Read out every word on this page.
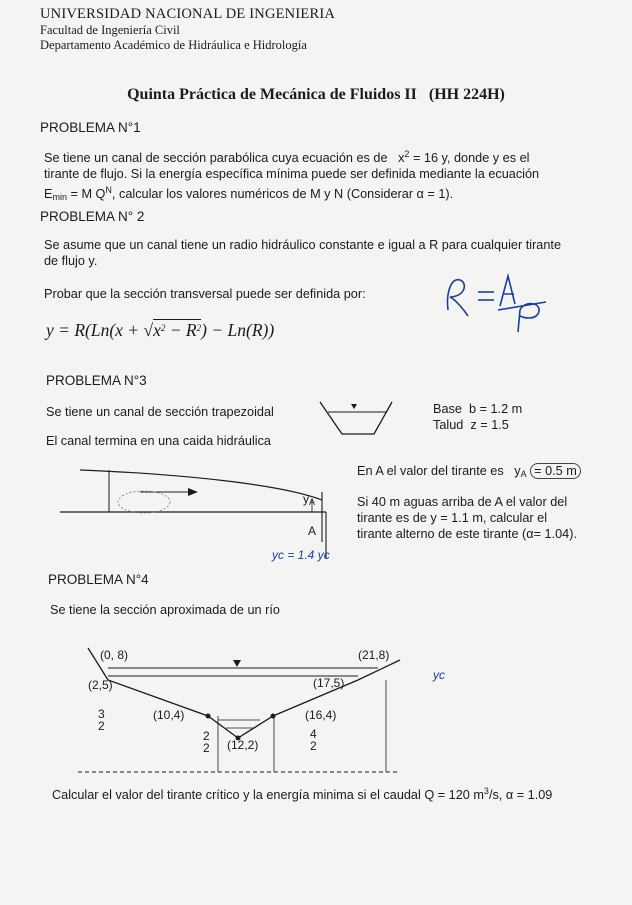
UNIVERSIDAD NACIONAL DE INGENIERIA
Facultad de Ingeniería Civil
Departamento Académico de Hidráulica e Hidrología
Quinta Práctica de Mecánica de Fluidos II (HH 224H)
PROBLEMA N°1
Se tiene un canal de sección parabólica cuya ecuación es de $x^2 = 16$ y, donde y es el
tirante de flujo. Si la energía específica mínima puede ser definida mediante la ecuación
$E_{min} = M$ $Q^N$, calcular los valores numéricos de M y N (Considerar α = 1).
PROBLEMA N° 2
Se asume que un canal tiene un radio hidráulico constante e igual a R para cualquier tirante
de flujo y.
Probar que la sección transversal puede ser definida por:
$y = R(Ln(x + √x^2 - R^2) - Ln(R))$
PROBLEMA N°3
Se tiene un canal de sección trapezoidal
El canal termina en una caida hidráulica
Base b = 1.2 m
Talud z = 1.5
$y_A$
A
yc = 1.4 yc
En A el valor del tirante es $y_A = 0.5$ m
Si 40 m aguas arriba de A el valor del
tirante es de y = 1.1 m, calcular el
tirante alterno de este tirante (α= 1.04).
PROBLEMA N°4
Se tiene la sección aproximada de un río
(0, 8)	(21,8)
(2,5)	(17,5)
(10,4)	(16,4)
(12,2)
3
2
2
2
4
2
yc
Calcular el valor del tirante crítico y la energía minima si el caudal Q = 120 $m^3/s$, α = 1.09
